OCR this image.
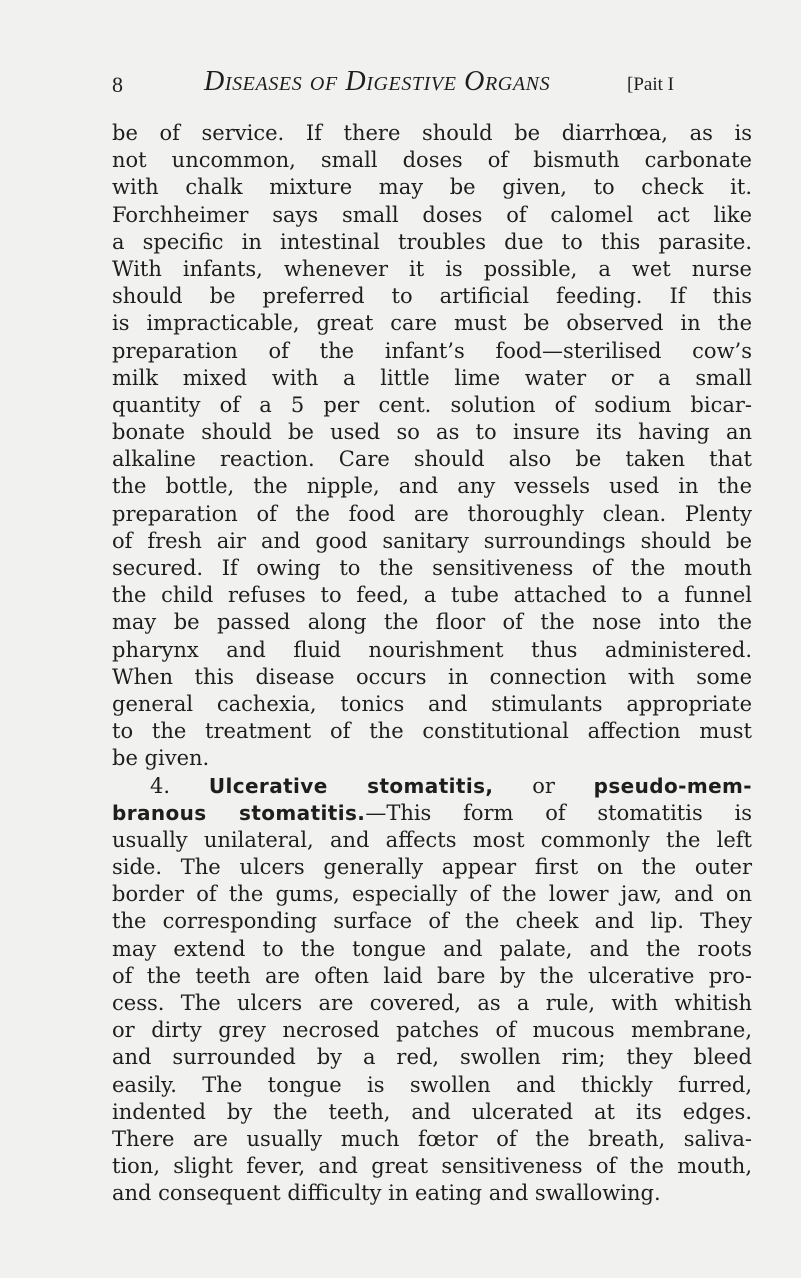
8	Diseases of Digestive Organs	[Pait I
be of service. If there should be diarrhœa, as is
not uncommon, small doses of bismuth carbonate
with chalk mixture may be given, to check it.
Forchheimer says small doses of calomel act like
a specific in intestinal troubles due to this parasite.
With infants, whenever it is possible, a wet nurse
should be preferred to artificial feeding. If this
is impracticable, great care must be observed in the
preparation of the infant’s food—sterilised cow’s
milk mixed with a little lime water or a small
quantity of a 5 per cent. solution of sodium bicar-
bonate should be used so as to insure its having an
alkaline reaction. Care should also be taken that
the bottle, the nipple, and any vessels used in the
preparation of the food are thoroughly clean. Plenty
of fresh air and good sanitary surroundings should be
secured. If owing to the sensitiveness of the mouth
the child refuses to feed, a tube attached to a funnel
may be passed along the floor of the nose into the
pharynx and fluid nourishment thus administered.
When this disease occurs in connection with some
general cachexia, tonics and stimulants appropriate
to the treatment of the constitutional affection must
be given.
4. Ulcerative stomatitis, or pseudo-mem-
branous stomatitis.—This form of stomatitis is
usually unilateral, and affects most commonly the left
side. The ulcers generally appear first on the outer
border of the gums, especially of the lower jaw, and on
the corresponding surface of the cheek and lip. They
may extend to the tongue and palate, and the roots
of the teeth are often laid bare by the ulcerative pro-
cess. The ulcers are covered, as a rule, with whitish
or dirty grey necrosed patches of mucous membrane,
and surrounded by a red, swollen rim; they bleed
easily. The tongue is swollen and thickly furred,
indented by the teeth, and ulcerated at its edges.
There are usually much fœtor of the breath, saliva-
tion, slight fever, and great sensitiveness of the mouth,
and consequent difficulty in eating and swallowing.
